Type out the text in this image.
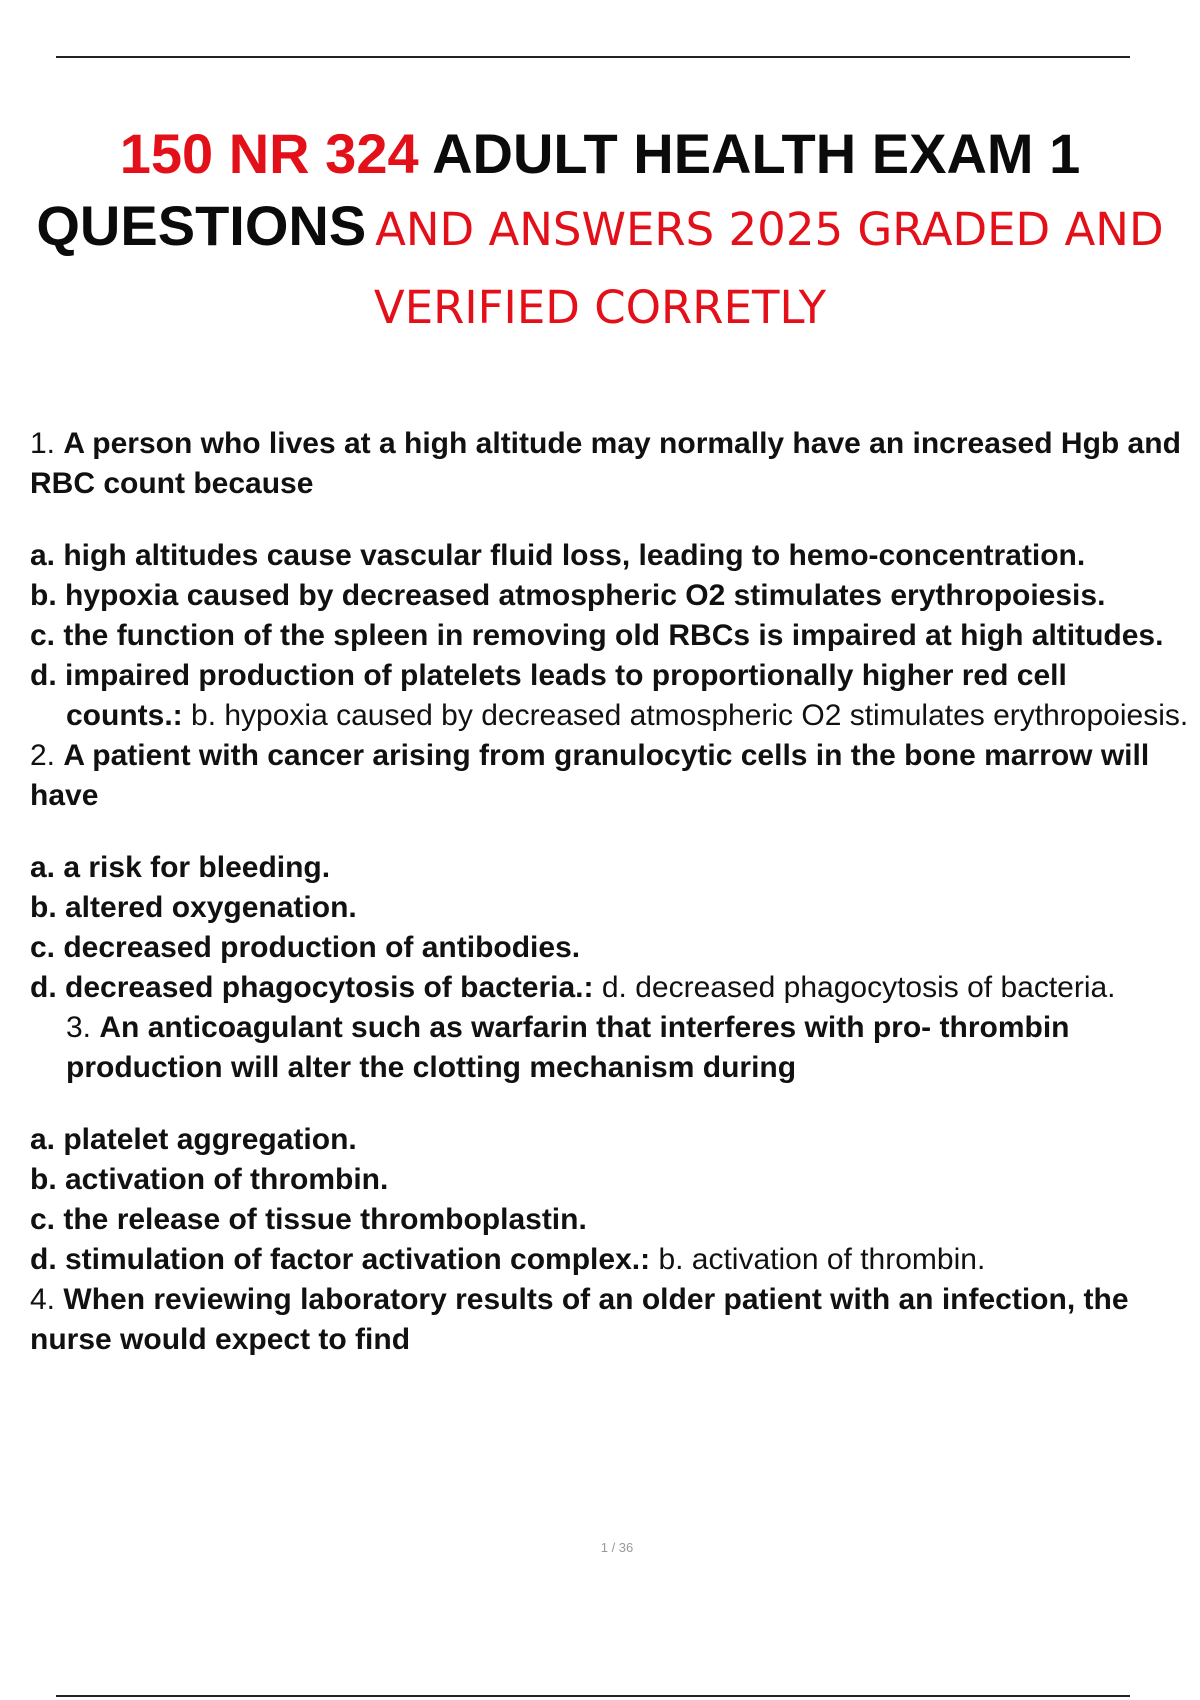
150 NR 324 ADULT HEALTH EXAM 1
QUESTIONS AND ANSWERS 2025 GRADED AND
VERIFIED CORRETLY

1. A person who lives at a high altitude may normally have an increased Hgb and RBC count because

a. high altitudes cause vascular fluid loss, leading to hemo-concentration.

b. hypoxia caused by decreased atmospheric O2 stimulates erythropoiesis.

c. the function of the spleen in removing old RBCs is impaired at high altitudes.

d. impaired production of platelets leads to proportionally higher red cell counts.: b. hypoxia caused by decreased atmospheric O2 stimulates erythropoiesis.

2. A patient with cancer arising from granulocytic cells in the bone marrow will have

a. a risk for bleeding.

b. altered oxygenation.

c. decreased production of antibodies.

d. decreased phagocytosis of bacteria.: d. decreased phagocytosis of bacteria.

3. An anticoagulant such as warfarin that interferes with pro- thrombin production will alter the clotting mechanism during

a. platelet aggregation.

b. activation of thrombin.

c. the release of tissue thromboplastin.

d. stimulation of factor activation complex.: b. activation of thrombin.

4. When reviewing laboratory results of an older patient with an infection, the nurse would expect to find

1 / 36
